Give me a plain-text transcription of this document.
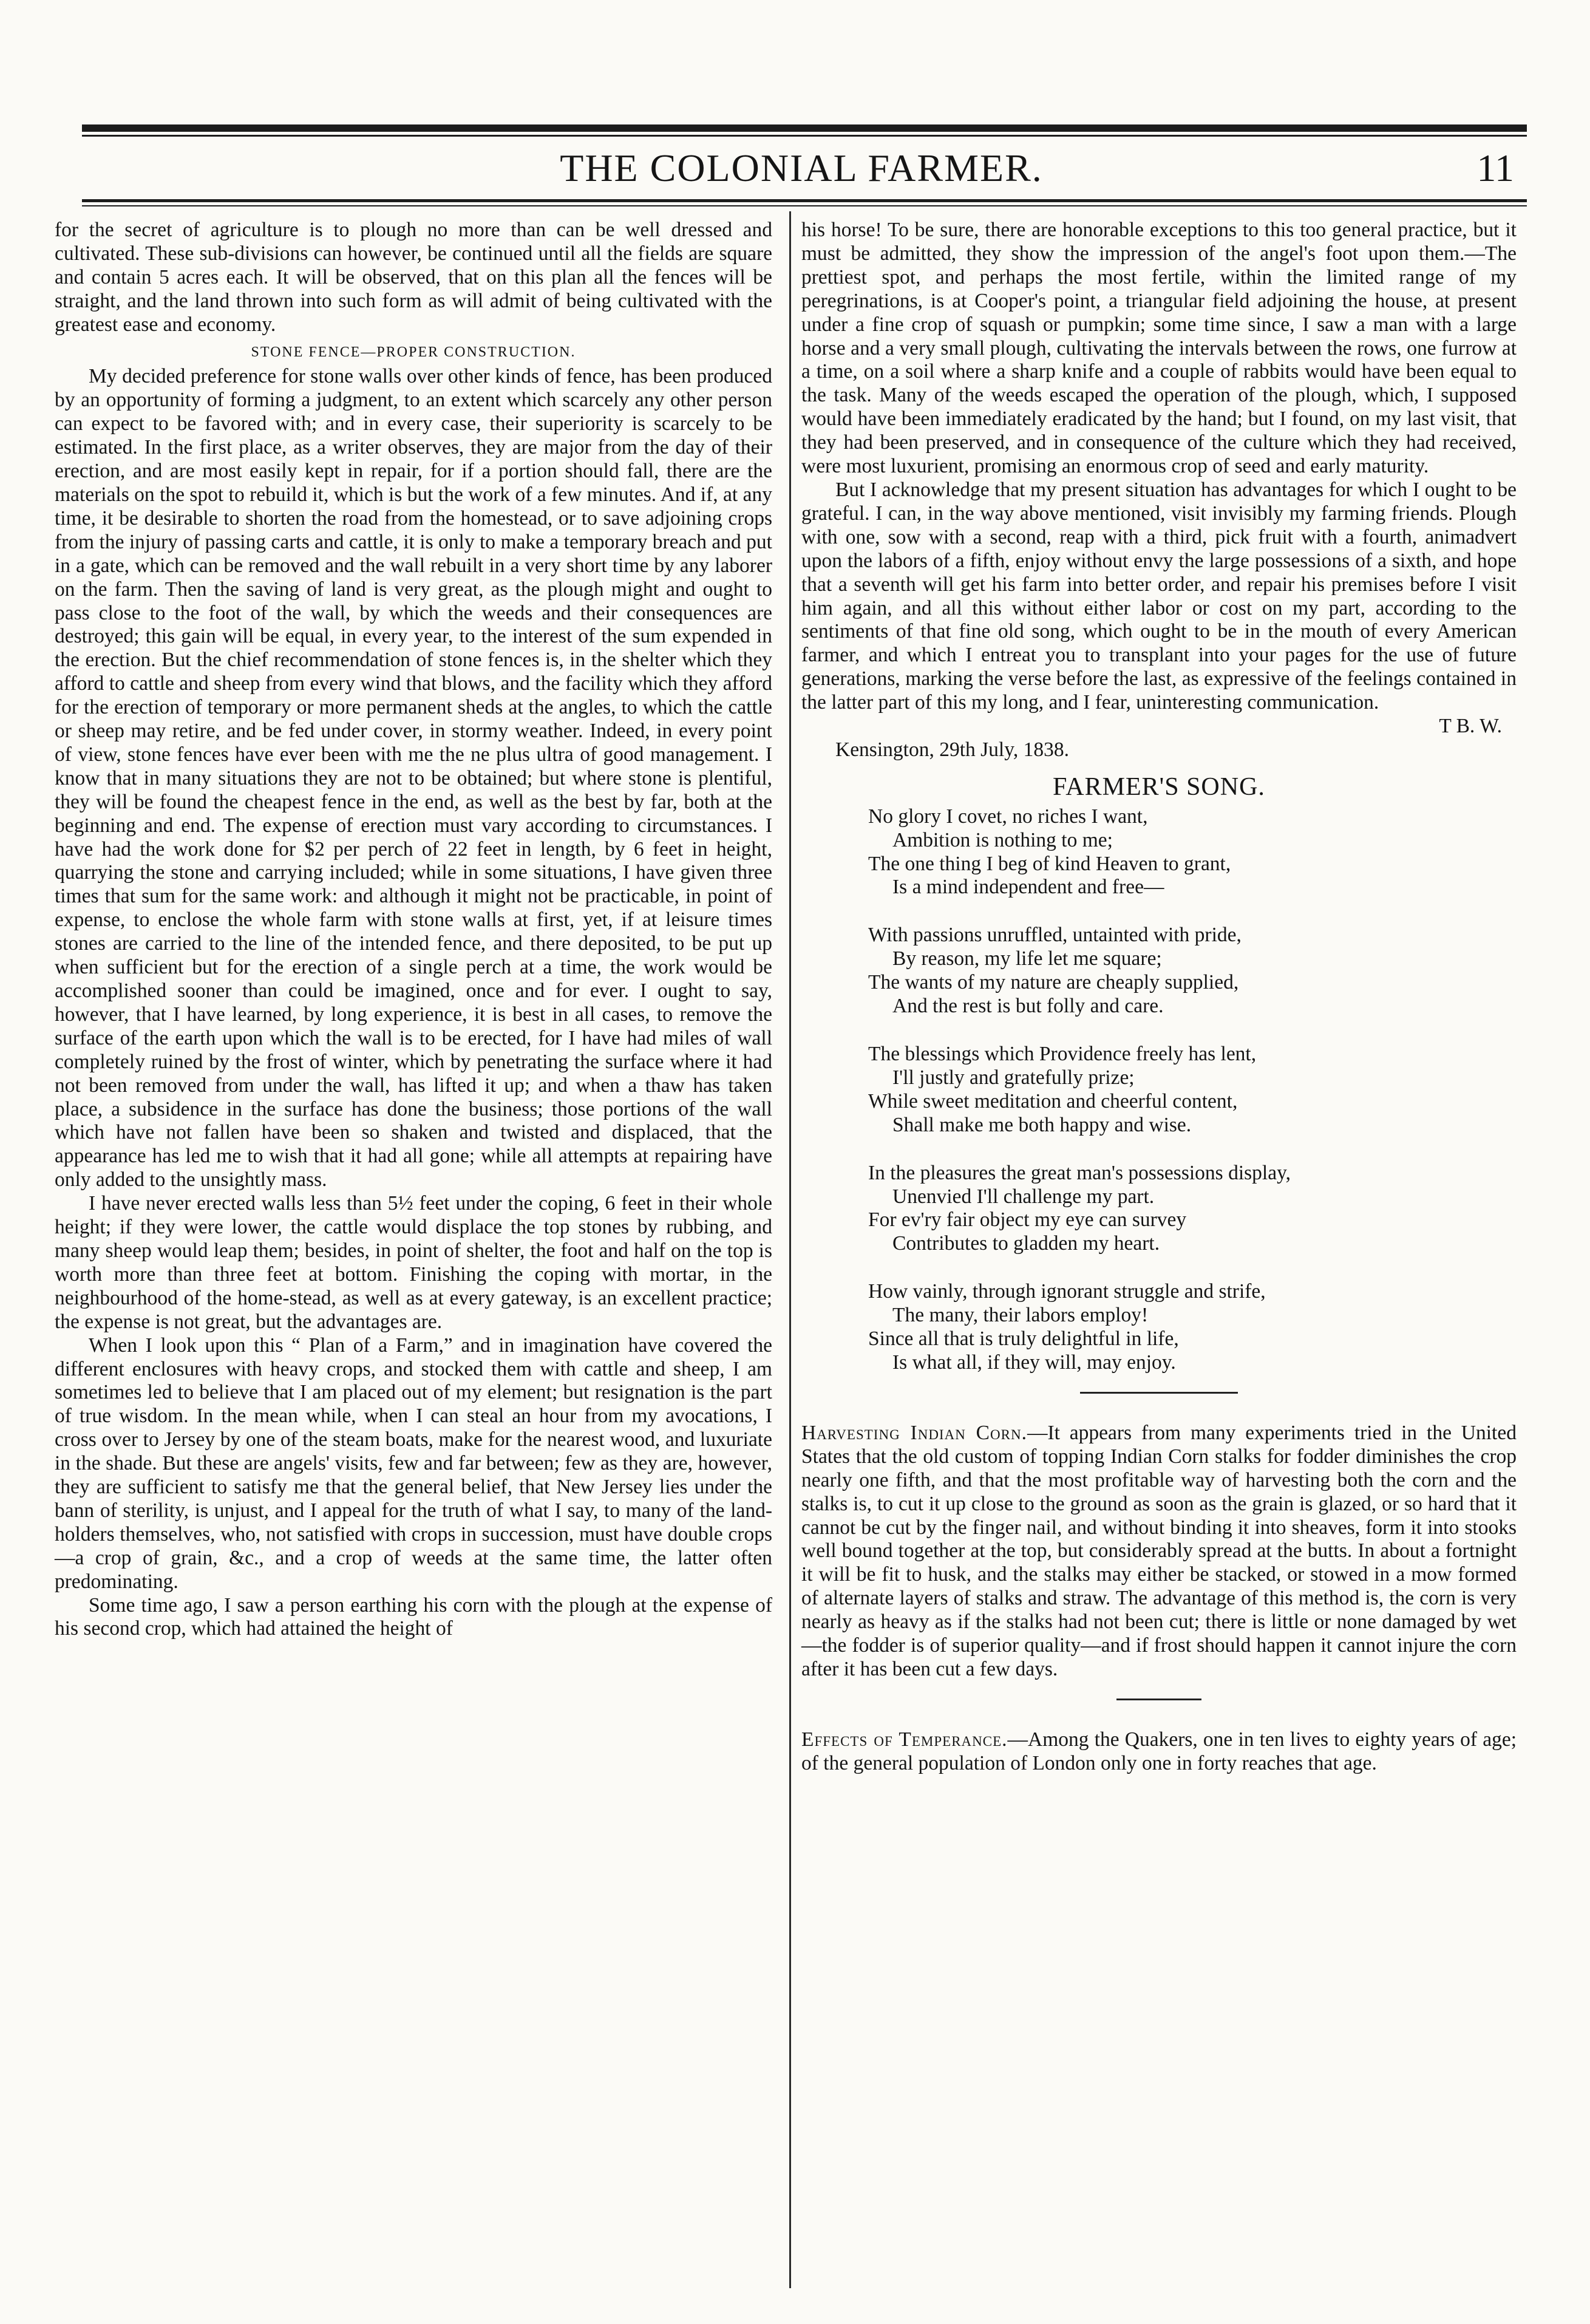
THE COLONIAL FARMER.	11

for the secret of agriculture is to plough no more than can be well dressed and cultivated. These sub-divisions can however, be continued until all the fields are square and contain 5 acres each. It will be observed, that on this plan all the fences will be straight, and the land thrown into such form as will admit of being cultivated with the greatest ease and economy.

STONE FENCE—PROPER CONSTRUCTION.

My decided preference for stone walls over other kinds of fence, has been produced by an opportunity of forming a judgment, to an extent which scarcely any other person can expect to be favored with; and in every case, their superiority is scarcely to be estimated. In the first place, as a writer observes, they are major from the day of their erection, and are most easily kept in repair, for if a portion should fall, there are the materials on the spot to rebuild it, which is but the work of a few minutes. And if, at any time, it be desirable to shorten the road from the homestead, or to save adjoining crops from the injury of passing carts and cattle, it is only to make a temporary breach and put in a gate, which can be removed and the wall rebuilt in a very short time by any laborer on the farm. Then the saving of land is very great, as the plough might and ought to pass close to the foot of the wall, by which the weeds and their consequences are destroyed; this gain will be equal, in every year, to the interest of the sum expended in the erection. But the chief recommendation of stone fences is, in the shelter which they afford to cattle and sheep from every wind that blows, and the facility which they afford for the erection of temporary or more permanent sheds at the angles, to which the cattle or sheep may retire, and be fed under cover, in stormy weather. Indeed, in every point of view, stone fences have ever been with me the ne plus ultra of good management. I know that in many situations they are not to be obtained; but where stone is plentiful, they will be found the cheapest fence in the end, as well as the best by far, both at the beginning and end. The expense of erection must vary according to circumstances. I have had the work done for $2 per perch of 22 feet in length, by 6 feet in height, quarrying the stone and carrying included; while in some situations, I have given three times that sum for the same work: and although it might not be practicable, in point of expense, to enclose the whole farm with stone walls at first, yet, if at leisure times stones are carried to the line of the intended fence, and there deposited, to be put up when sufficient but for the erection of a single perch at a time, the work would be accomplished sooner than could be imagined, once and for ever. I ought to say, however, that I have learned, by long experience, it is best in all cases, to remove the surface of the earth upon which the wall is to be erected, for I have had miles of wall completely ruined by the frost of winter, which by penetrating the surface where it had not been removed from under the wall, has lifted it up; and when a thaw has taken place, a subsidence in the surface has done the business; those portions of the wall which have not fallen have been so shaken and twisted and displaced, that the appearance has led me to wish that it had all gone; while all attempts at repairing have only added to the unsightly mass.

I have never erected walls less than 5½ feet under the coping, 6 feet in their whole height; if they were lower, the cattle would displace the top stones by rubbing, and many sheep would leap them; besides, in point of shelter, the foot and half on the top is worth more than three feet at bottom. Finishing the coping with mortar, in the neighbourhood of the home-stead, as well as at every gateway, is an excellent practice; the expense is not great, but the advantages are.

When I look upon this “ Plan of a Farm,” and in imagination have covered the different enclosures with heavy crops, and stocked them with cattle and sheep, I am sometimes led to believe that I am placed out of my element; but resignation is the part of true wisdom. In the mean while, when I can steal an hour from my avocations, I cross over to Jersey by one of the steam boats, make for the nearest wood, and luxuriate in the shade. But these are angels' visits, few and far between; few as they are, however, they are sufficient to satisfy me that the general belief, that New Jersey lies under the bann of sterility, is unjust, and I appeal for the truth of what I say, to many of the land-holders themselves, who, not satisfied with crops in succession, must have double crops—a crop of grain, &c., and a crop of weeds at the same time, the latter often predominating.

Some time ago, I saw a person earthing his corn with the plough at the expense of his second crop, which had attained the height of

his horse! To be sure, there are honorable exceptions to this too general practice, but it must be admitted, they show the impression of the angel's foot upon them.—The prettiest spot, and perhaps the most fertile, within the limited range of my peregrinations, is at Cooper's point, a triangular field adjoining the house, at present under a fine crop of squash or pumpkin; some time since, I saw a man with a large horse and a very small plough, cultivating the intervals between the rows, one furrow at a time, on a soil where a sharp knife and a couple of rabbits would have been equal to the task. Many of the weeds escaped the operation of the plough, which, I supposed would have been immediately eradicated by the hand; but I found, on my last visit, that they had been preserved, and in consequence of the culture which they had received, were most luxurient, promising an enormous crop of seed and early maturity.

But I acknowledge that my present situation has advantages for which I ought to be grateful. I can, in the way above mentioned, visit invisibly my farming friends. Plough with one, sow with a second, reap with a third, pick fruit with a fourth, animadvert upon the labors of a fifth, enjoy without envy the large possessions of a sixth, and hope that a seventh will get his farm into better order, and repair his premises before I visit him again, and all this without either labor or cost on my part, according to the sentiments of that fine old song, which ought to be in the mouth of every American farmer, and which I entreat you to transplant into your pages for the use of future generations, marking the verse before the last, as expressive of the feelings contained in the latter part of this my long, and I fear, uninteresting communication.

T B. W.
Kensington, 29th July, 1838.
FARMER'S SONG.
No glory I covet, no riches I want,
Ambition is nothing to me;
The one thing I beg of kind Heaven to grant,
Is a mind independent and free—
With passions unruffled, untainted with pride,
By reason, my life let me square;
The wants of my nature are cheaply supplied,
And the rest is but folly and care.
The blessings which Providence freely has lent,
I'll justly and gratefully prize;
While sweet meditation and cheerful content,
Shall make me both happy and wise.
In the pleasures the great man's possessions display,
Unenvied I'll challenge my part.
For ev'ry fair object my eye can survey
Contributes to gladden my heart.
How vainly, through ignorant struggle and strife,
The many, their labors employ!
Since all that is truly delightful in life,
Is what all, if they will, may enjoy.

Harvesting Indian Corn.—It appears from many experiments tried in the United States that the old custom of topping Indian Corn stalks for fodder diminishes the crop nearly one fifth, and that the most profitable way of harvesting both the corn and the stalks is, to cut it up close to the ground as soon as the grain is glazed, or so hard that it cannot be cut by the finger nail, and without binding it into sheaves, form it into stooks well bound together at the top, but considerably spread at the butts. In about a fortnight it will be fit to husk, and the stalks may either be stacked, or stowed in a mow formed of alternate layers of stalks and straw. The advantage of this method is, the corn is very nearly as heavy as if the stalks had not been cut; there is little or none damaged by wet—the fodder is of superior quality—and if frost should happen it cannot injure the corn after it has been cut a few days.

Effects of Temperance.—Among the Quakers, one in ten lives to eighty years of age; of the general population of London only one in forty reaches that age.
